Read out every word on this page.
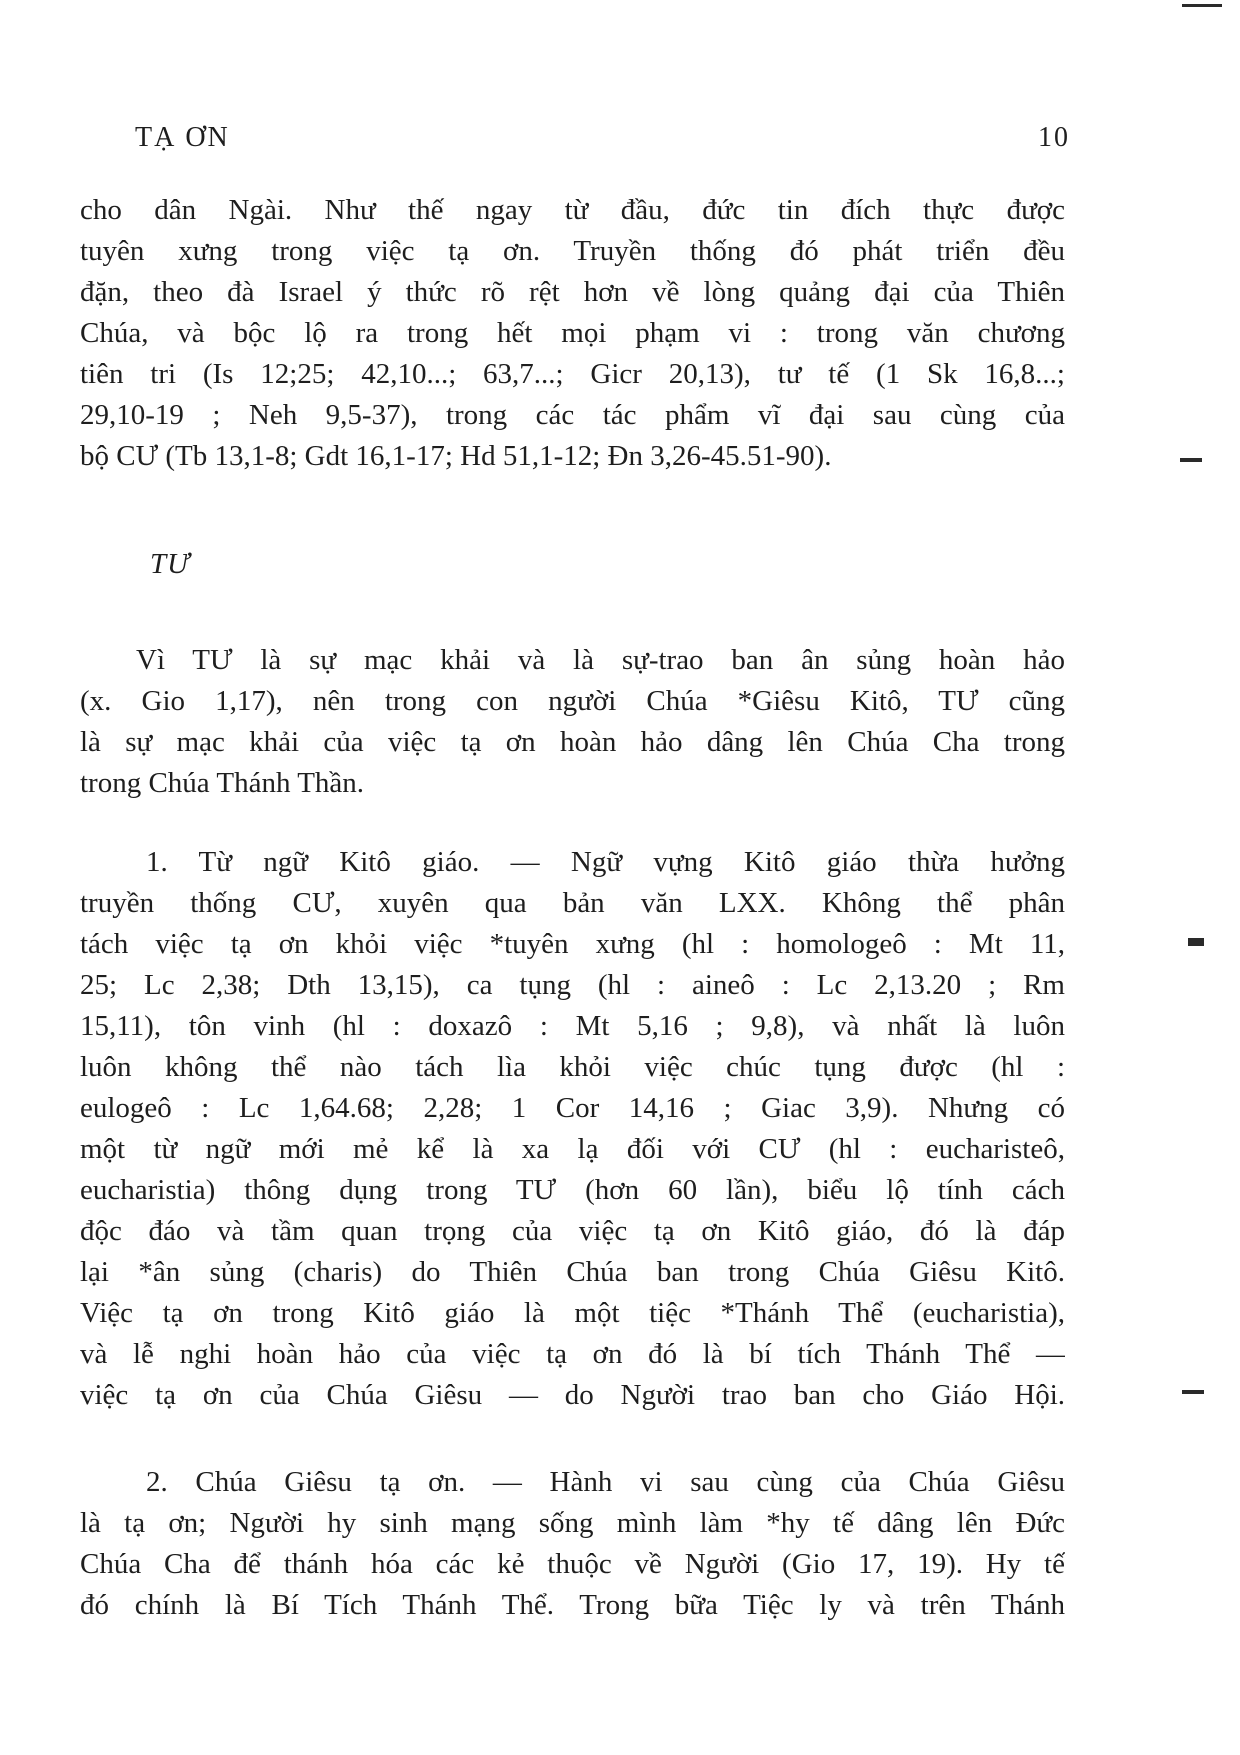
TẠ ƠN	10
cho dân Ngài. Như thế ngay từ đầu, đức tin đích thực được
tuyên xưng trong việc tạ ơn. Truyền thống đó phát triển đều
đặn, theo đà Israel ý thức rõ rệt hơn về lòng quảng đại của Thiên
Chúa, và bộc lộ ra trong hết mọi phạm vi : trong văn chương
tiên tri (Is 12;25; 42,10...; 63,7...; Gicr 20,13), tư tế (1 Sk 16,8...;
29,10-19 ; Neh 9,5-37), trong các tác phẩm vĩ đại sau cùng của
bộ CƯ (Tb 13,1-8; Gdt 16,1-17; Hd 51,1-12; Đn 3,26-45.51-90).
TƯ
Vì TƯ là sự mạc khải và là sự-trao ban ân sủng hoàn hảo
(x. Gio 1,17), nên trong con người Chúa *Giêsu Kitô, TƯ cũng
là sự mạc khải của việc tạ ơn hoàn hảo dâng lên Chúa Cha trong
trong Chúa Thánh Thần.
1. Từ ngữ Kitô giáo. — Ngữ vựng Kitô giáo thừa hưởng
truyền thống CƯ, xuyên qua bản văn LXX. Không thể phân
tách việc tạ ơn khỏi việc *tuyên xưng (hl : homologeô : Mt 11,
25; Lc 2,38; Dth 13,15), ca tụng (hl : aineô : Lc 2,13.20 ; Rm
15,11), tôn vinh (hl : doxazô : Mt 5,16 ; 9,8), và nhất là luôn
luôn không thể nào tách lìa khỏi việc chúc tụng được (hl :
eulogeô : Lc 1,64.68; 2,28; 1 Cor 14,16 ; Giac 3,9). Nhưng có
một từ ngữ mới mẻ kể là xa lạ đối với CƯ (hl : eucharisteô,
eucharistia) thông dụng trong TƯ (hơn 60 lần), biểu lộ tính cách
độc đáo và tầm quan trọng của việc tạ ơn Kitô giáo, đó là đáp
lại *ân sủng (charis) do Thiên Chúa ban trong Chúa Giêsu Kitô.
Việc tạ ơn trong Kitô giáo là một tiệc *Thánh Thể (eucharistia),
và lễ nghi hoàn hảo của việc tạ ơn đó là bí tích Thánh Thể —
việc tạ ơn của Chúa Giêsu — do Người trao ban cho Giáo Hội.
2. Chúa Giêsu tạ ơn. — Hành vi sau cùng của Chúa Giêsu
là tạ ơn; Người hy sinh mạng sống mình làm *hy tế dâng lên Đức
Chúa Cha để thánh hóa các kẻ thuộc về Người (Gio 17, 19). Hy tế
đó chính là Bí Tích Thánh Thể. Trong bữa Tiệc ly và trên Thánh
